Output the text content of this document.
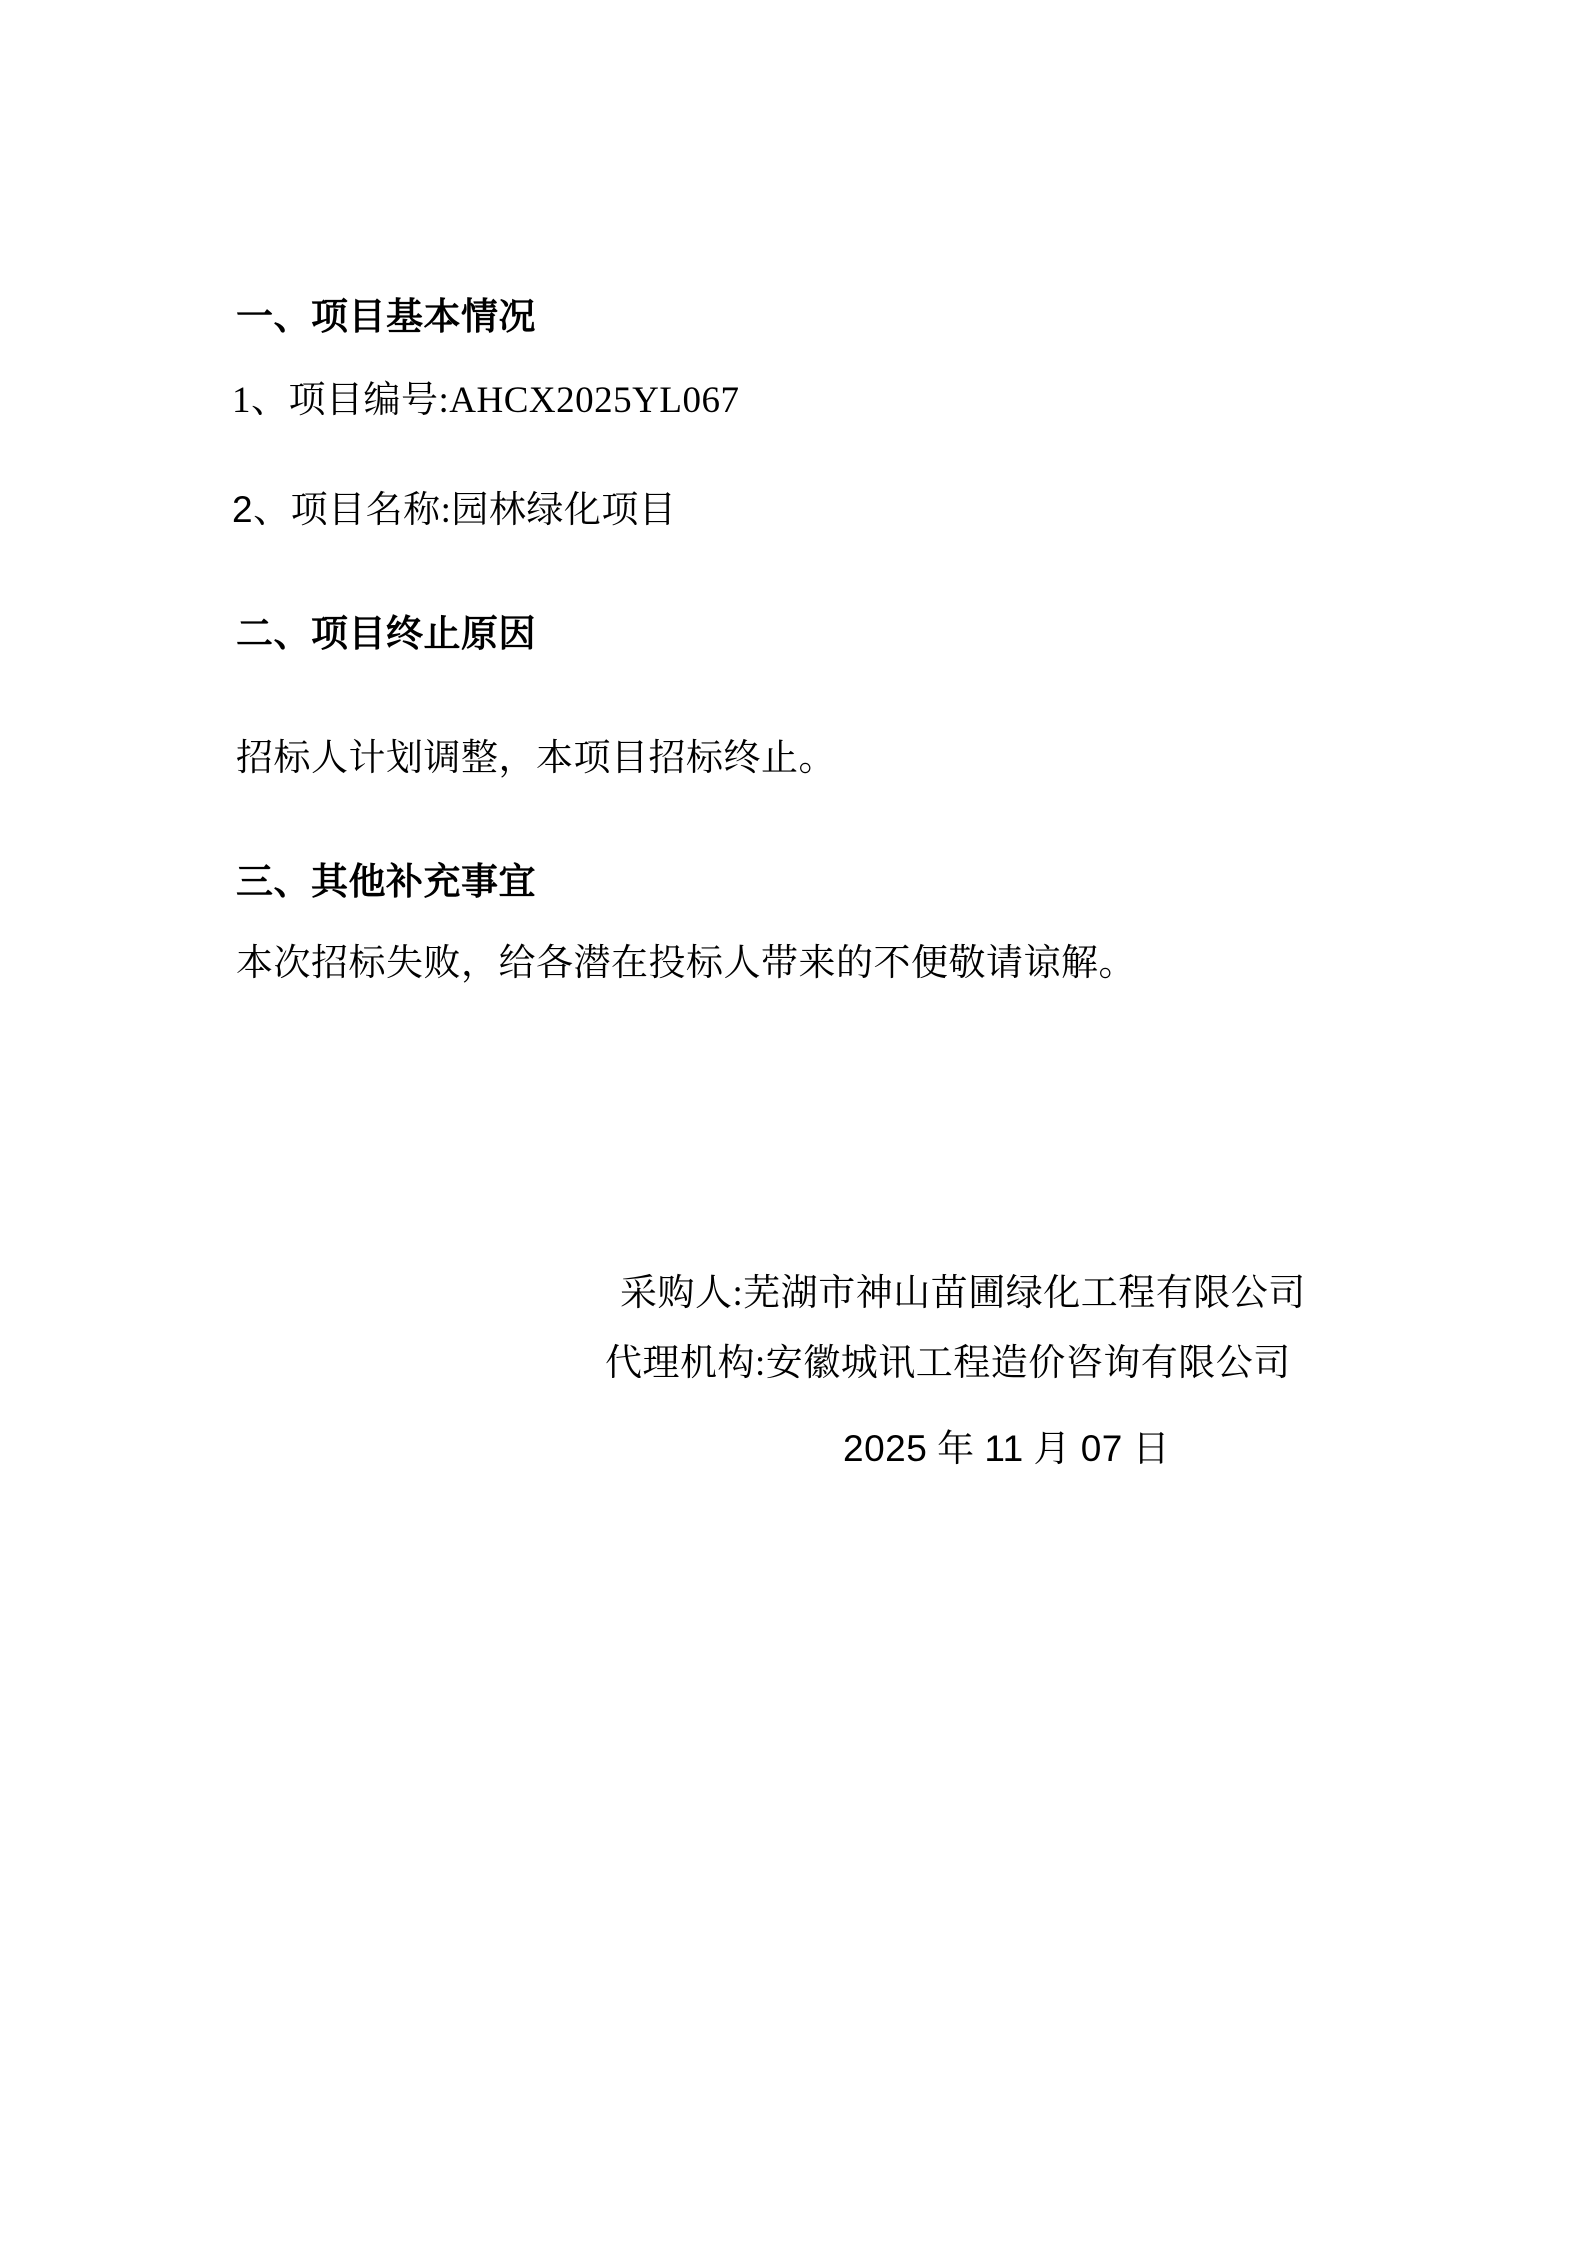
一、项目基本情况

1、项目编号:AHCX2025YL067

2、项目名称:园林绿化项目

二、项目终止原因

招标人计划调整，本项目招标终止。

三、其他补充事宜

本次招标失败，给各潜在投标人带来的不便敬请谅解。

采购人:芜湖市神山苗圃绿化工程有限公司

代理机构:安徽城讯工程造价咨询有限公司

2025 年 11 月 07 日
